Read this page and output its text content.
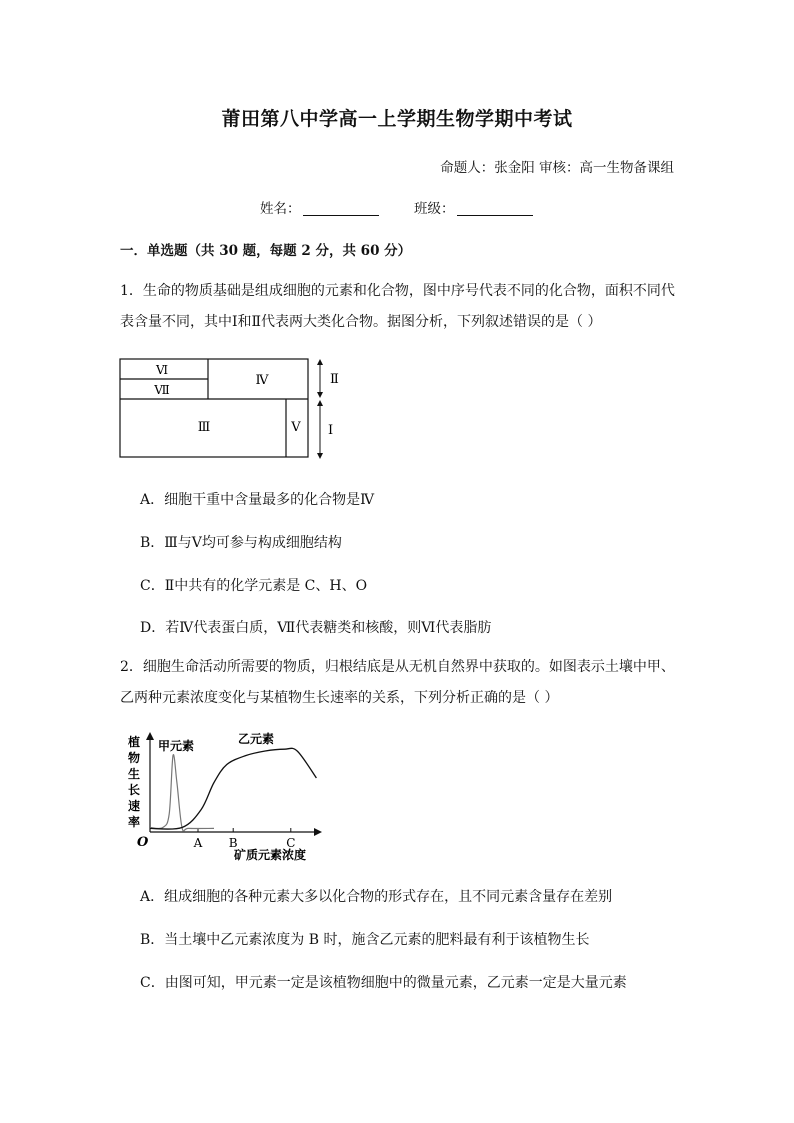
莆田第八中学高一上学期生物学期中考试
命题人：张金阳 审核：高一生物备课组
姓名：	班级：
一．单选题（共 30 题，每题 2 分，共 60 分）
1．生命的物质基础是组成细胞的元素和化合物，图中序号代表不同的化合物，面积不同代
表含量不同，其中Ⅰ和Ⅱ代表两大类化合物。据图分析，下列叙述错误的是（ ）
Ⅵ
Ⅶ
Ⅳ
Ⅲ	Ⅴ
Ⅱ
Ⅰ
A．细胞干重中含量最多的化合物是Ⅳ
B．Ⅲ与Ⅴ均可参与构成细胞结构
C．Ⅱ中共有的化学元素是 C、H、O
D．若Ⅳ代表蛋白质，Ⅶ代表糖类和核酸，则Ⅵ代表脂肪
2．细胞生命活动所需要的物质，归根结底是从无机自然界中获取的。如图表示土壤中甲、
乙两种元素浓度变化与某植物生长速率的关系，下列分析正确的是（ ）
植
物
生
长
速
率
O	A B	C
甲元素	乙元素
矿质元素浓度
A．组成细胞的各种元素大多以化合物的形式存在，且不同元素含量存在差别
B．当土壤中乙元素浓度为 B 时，施含乙元素的肥料最有利于该植物生长
C．由图可知，甲元素一定是该植物细胞中的微量元素，乙元素一定是大量元素
